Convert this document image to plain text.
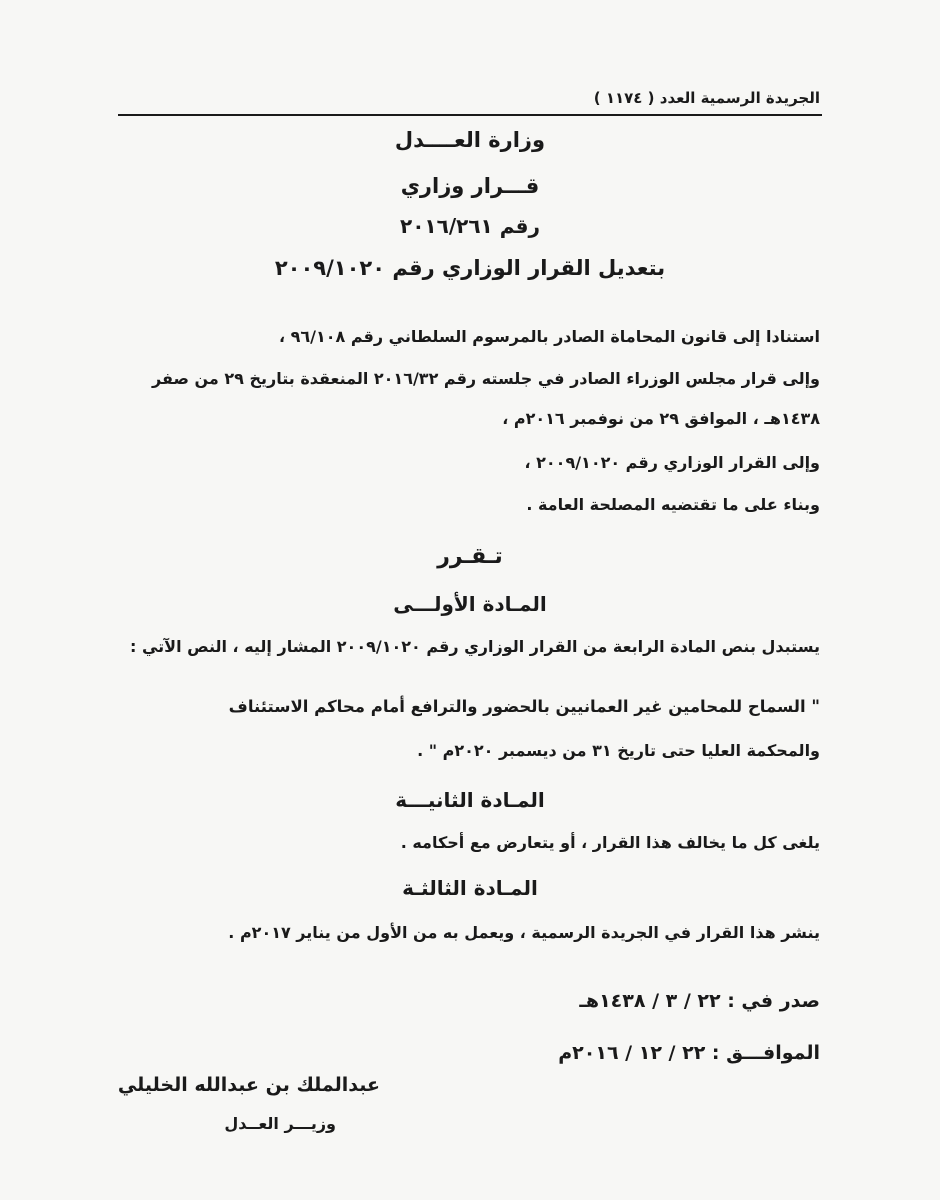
الجريدة الرسمية العدد ( ١١٧٤ )
وزارة العــــدل
قـــرار وزاري
رقم ٢٠١٦/٢٦١
بتعديل القرار الوزاري رقم ٢٠٠٩/١٠٢٠
استنادا إلى قانون المحاماة الصادر بالمرسوم السلطاني رقم ٩٦/١٠٨ ،
وإلى قرار مجلس الوزراء الصادر في جلسته رقم ٢٠١٦/٣٢ المنعقدة بتاريخ ٢٩ من صفر
١٤٣٨هـ ، الموافق ٢٩ من نوفمبر ٢٠١٦م ،
وإلى القرار الوزاري رقم ٢٠٠٩/١٠٢٠ ،
وبناء على ما تقتضيه المصلحة العامة .
تـقـرر
المـادة الأولـــى
يستبدل بنص المادة الرابعة من القرار الوزاري رقم ٢٠٠٩/١٠٢٠ المشار إليه ، النص الآتي :
" السماح للمحامين غير العمانيين بالحضور والترافع أمام محاكم الاستئناف
والمحكمة العليا حتى تاريخ ٣١ من ديسمبر ٢٠٢٠م " .
المـادة الثانيـــة
يلغى كل ما يخالف هذا القرار ، أو يتعارض مع أحكامه .
المـادة الثالثـة
ينشر هذا القرار في الجريدة الرسمية ، ويعمل به من الأول من يناير ٢٠١٧م .
صدر في : ٢٢ / ٣ / ١٤٣٨هـ
الموافـــق : ٢٢ / ١٢ / ٢٠١٦م
عبدالملك بن عبدالله الخليلي
وزيـــر العــدل
